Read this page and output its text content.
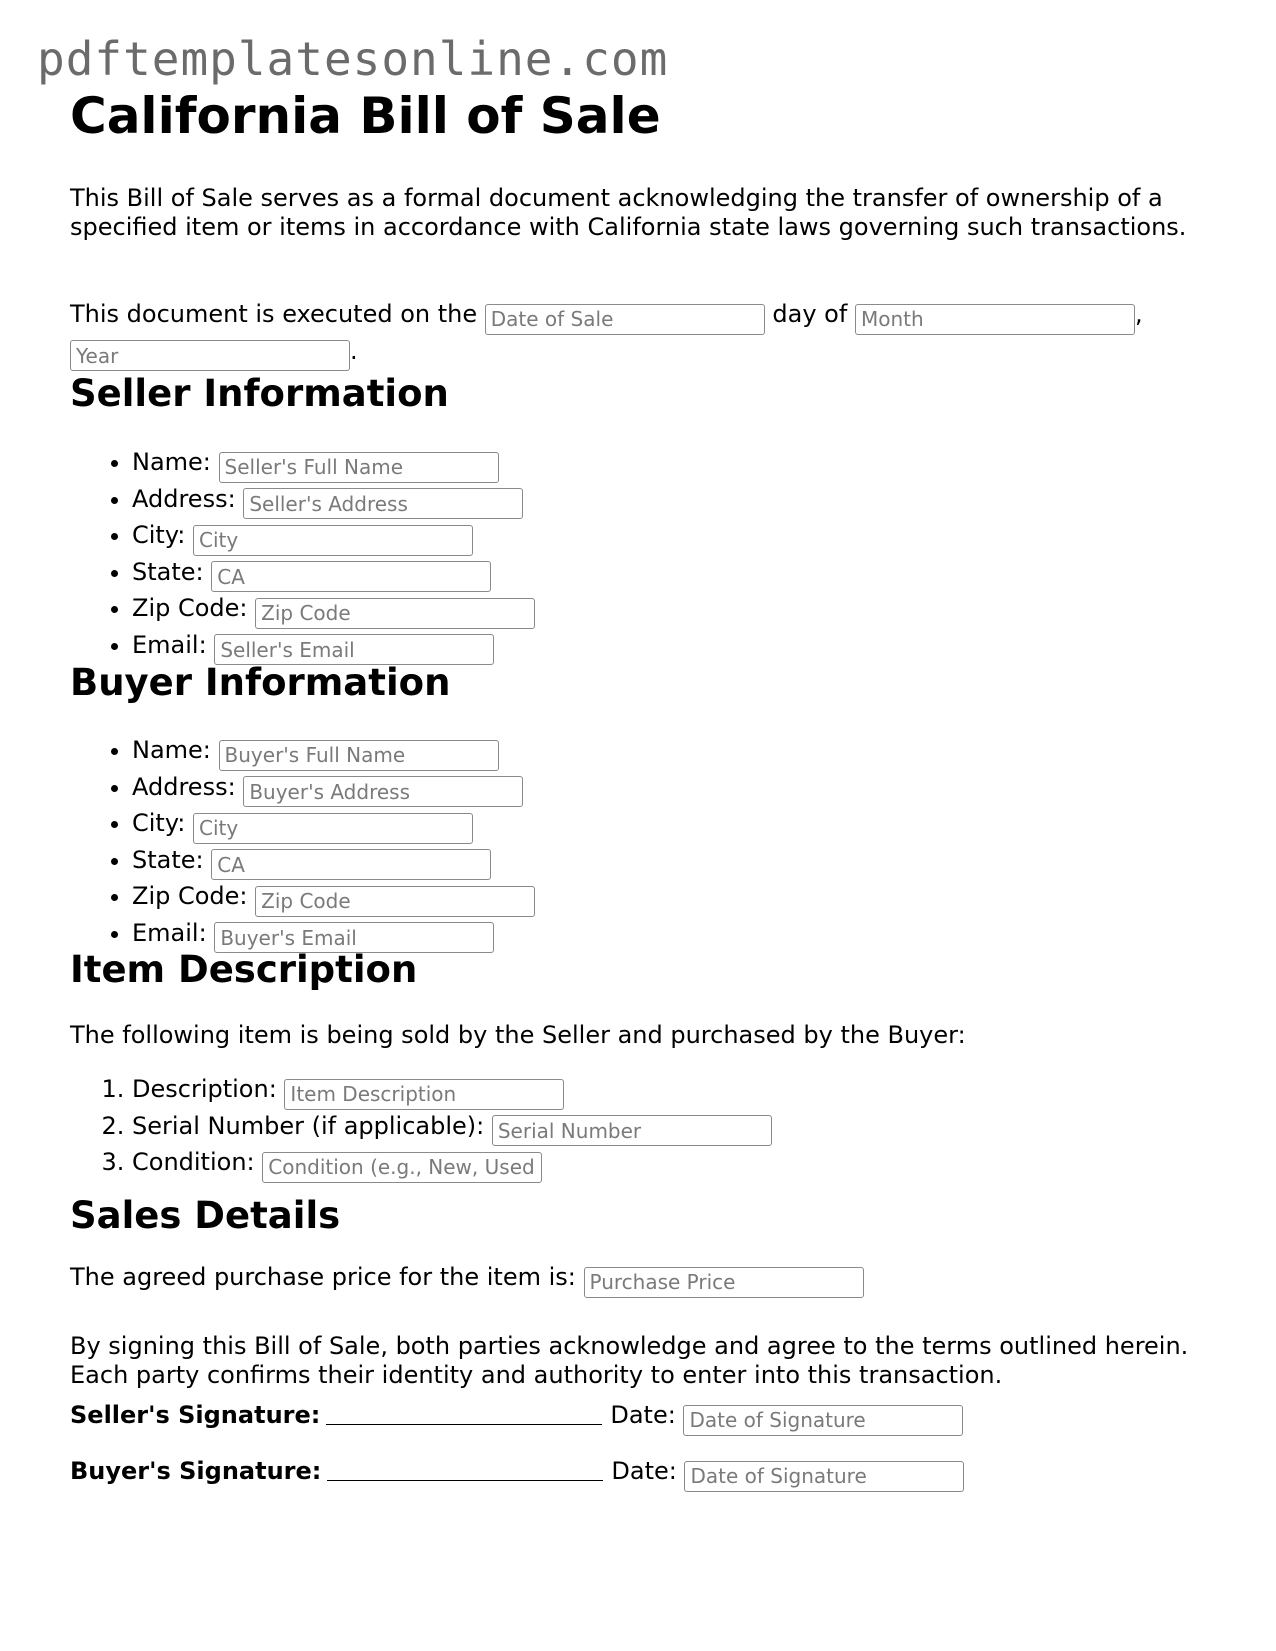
pdftemplatesonline.com
California Bill of Sale

This Bill of Sale serves as a formal document acknowledging the transfer of ownership of a specified item or items in accordance with California state laws governing such transactions.

This document is executed on the Date of Sale	day of Month	,
Year.

Seller Information
• Name: Seller's Full Name
• Address: Seller's Address
• City: City
• State: CA
• Zip Code: Zip Code
• Email: Seller's Email
Buyer Information
• Name: Buyer's Full Name
• Address: Buyer's Address
• City: City
• State: CA
• Zip Code: Zip Code
• Email: Buyer's Email
Item Description

The following item is being sold by the Seller and purchased by the Buyer:

1. Description: Item Description
2. Serial Number (if applicable): Serial Number
3. Condition: Condition (e.g., New, Used)
Sales Details

The agreed purchase price for the item is: Purchase Price

By signing this Bill of Sale, both parties acknowledge and agree to the terms outlined herein. Each party confirms their identity and authority to enter into this transaction.

Seller's Signature:	Date: Date of Signature

Buyer's Signature:	Date: Date of Signature
